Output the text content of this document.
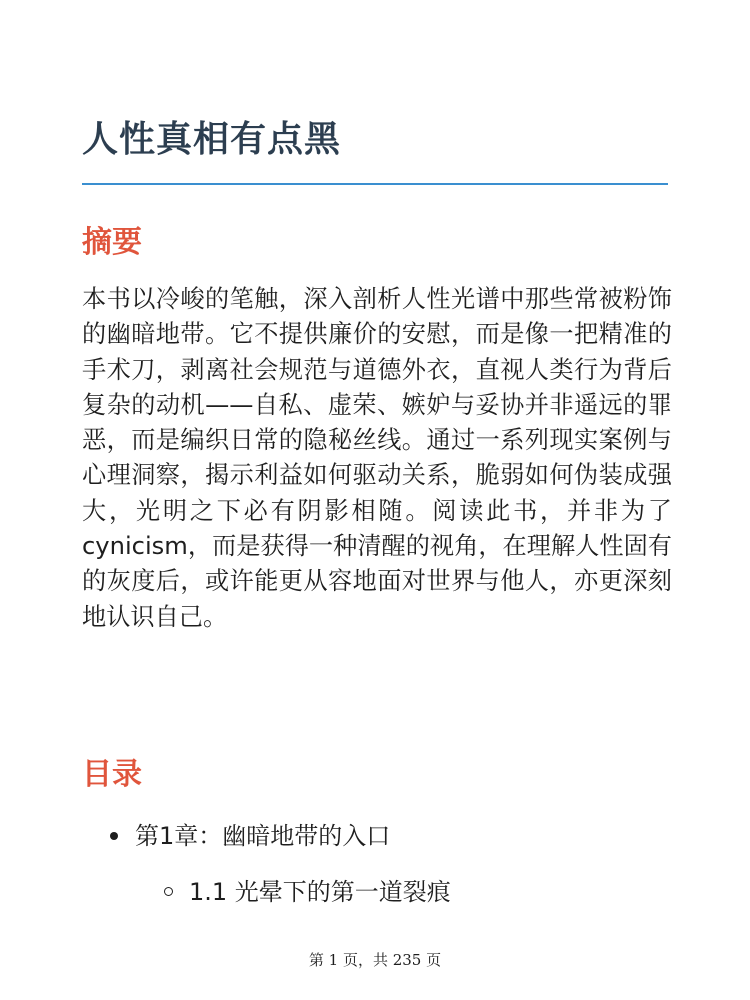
人性真相有点黑
摘要

本书以冷峻的笔触，深入剖析人性光谱中那些常被粉饰的幽暗地带。它不提供廉价的安慰，而是像一把精准的手术刀，剥离社会规范与道德外衣，直视人类行为背后复杂的动机——自私、虚荣、嫉妒与妥协并非遥远的罪恶，而是编织日常的隐秘丝线。通过一系列现实案例与心理洞察，揭示利益如何驱动关系，脆弱如何伪装成强大，光明之下必有阴影相随。阅读此书，并非为了 cynicism，而是获得一种清醒的视角，在理解人性固有的灰度后，或许能更从容地面对世界与他人，亦更深刻地认识自己。

目录
第1章：幽暗地带的入口
1.1 光晕下的第一道裂痕
第 1 页，共 235 页
